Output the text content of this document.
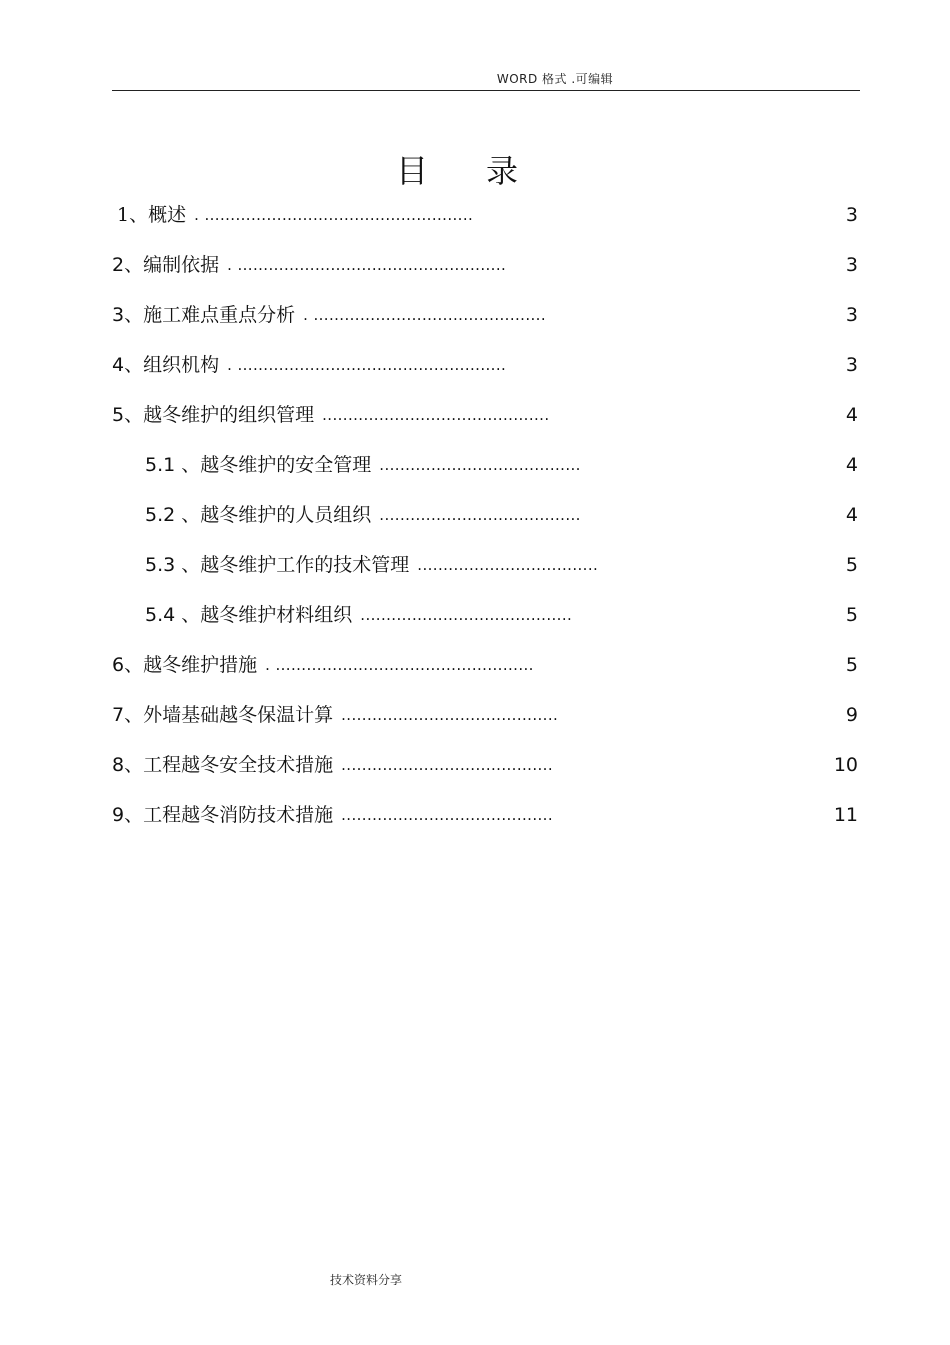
WORD 格式 .可编辑
目录
1、概述 . ....................................................	3
2、编制依据 . ....................................................	3
3、施工难点重点分析. .............................................	3
4、组织机构 . ....................................................	3
5、越冬维护的组织管理............................................	4
5.1 、越冬维护的安全管理.......................................	4
5.2 、越冬维护的人员组织.......................................	4
5.3 、越冬维护工作的技术管理...................................	5
5.4 、越冬维护材料组织.........................................	5
6、越冬维护措施 . ..................................................	5
7、外墙基础越冬保温计算..........................................	9
8、工程越冬安全技术措施.........................................	10
9、工程越冬消防技术措施.........................................	11
技术资料分享
